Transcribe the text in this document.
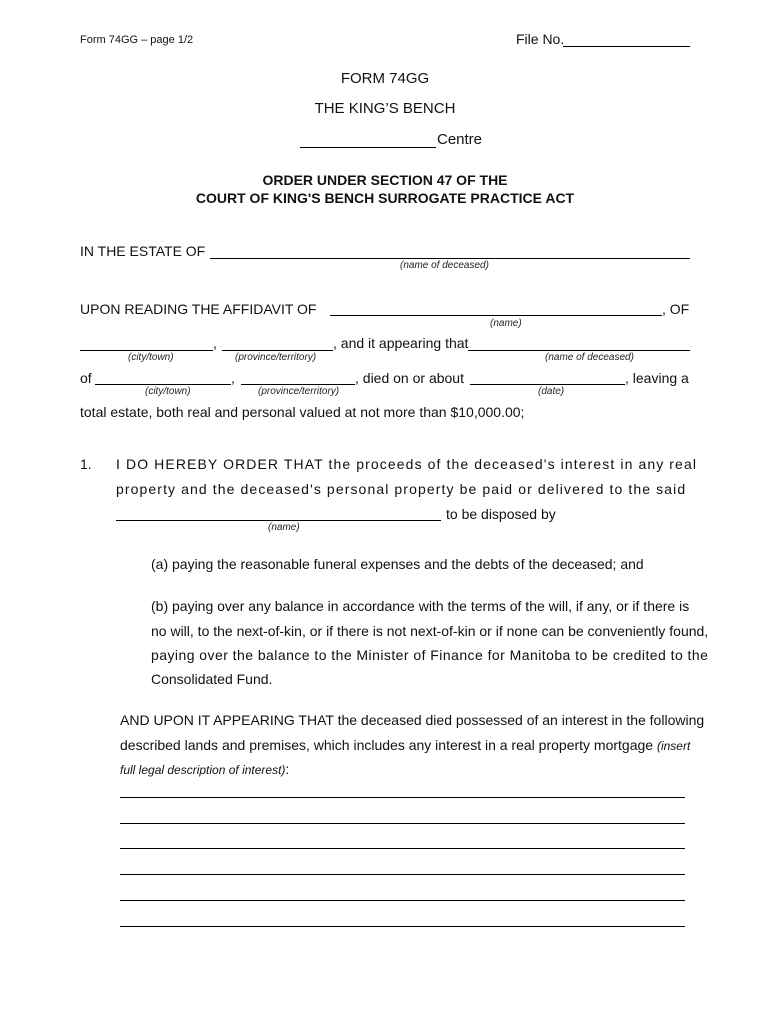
Form 74GG – page 1/2	File No.
FORM 74GG
THE KING’S BENCH
Centre
ORDER UNDER SECTION 47 OF THE
COURT OF KING'S BENCH SURROGATE PRACTICE ACT
IN THE ESTATE OF
(name of deceased)
UPON READING THE AFFIDAVIT OF	, OF
(name)
,	, and it appearing that
(city/town)	(province/territory)	(name of deceased)
of	,	, died on or about	, leaving a
(city/town)	(province/territory)	(date)
total estate, both real and personal valued at not more than $10,000.00;
1. I DO HEREBY ORDER THAT the proceeds of the deceased's interest in any real
property and the deceased's personal property be paid or delivered to the said
to be disposed by
(name)
(a) paying the reasonable funeral expenses and the debts of the deceased; and
(b) paying over any balance in accordance with the terms of the will, if any, or if there is
no will, to the next-of-kin, or if there is not next-of-kin or if none can be conveniently found,
paying over the balance to the Minister of Finance for Manitoba to be credited to the
Consolidated Fund.
AND UPON IT APPEARING THAT the deceased died possessed of an interest in the following
described lands and premises, which includes any interest in a real property mortgage (insert
full legal description of interest):
